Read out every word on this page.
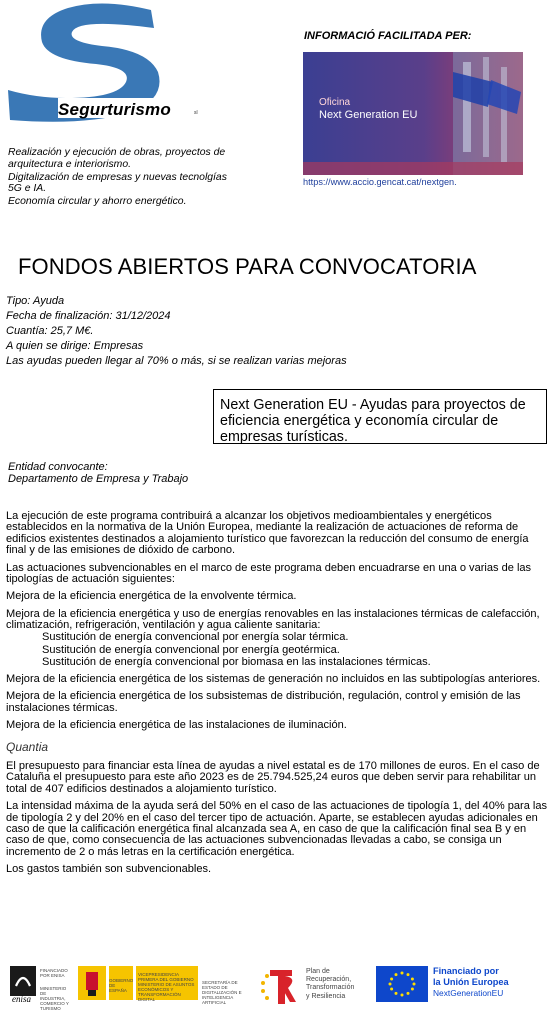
Segurturismo	sl
Realización y ejecución de obras, proyectos de arquitectura e interiorismo.
Digitalización de empresas y nuevas tecnolgías 5G e IA.
Economía circular y ahorro energético.
INFORMACIÓ FACILITADA PER:
Oficina
Next Generation EU
https://www.accio.gencat.cat/nextgen.
FONDOS ABIERTOS PARA CONVOCATORIA
Tipo: Ayuda
Fecha de finalización: 31/12/2024
Cuantía: 25,7 M€.
A quien se dirige: Empresas
Las ayudas pueden llegar al 70% o más, si se realizan varias mejoras
Next Generation EU - Ayudas para proyectos de eficiencia energética y economía circular de empresas turísticas.
Entidad convocante:
Departamento de Empresa y Trabajo

La ejecución de este programa contribuirá a alcanzar los objetivos medioambientales y energéticos establecidos en la normativa de la Unión Europea, mediante la realización de actuaciones de reforma de edificios existentes destinados a alojamiento turístico que favorezcan la reducción del consumo de energía final y de las emisiones de dióxido de carbono.

Las actuaciones subvencionables en el marco de este programa deben encuadrarse en una o varias de las tipologías de actuación siguientes:

Mejora de la eficiencia energética de la envolvente térmica.

Mejora de la eficiencia energética y uso de energías renovables en las instalaciones térmicas de calefacción, climatización, refrigeración, ventilación y agua caliente sanitaria:

Sustitución de energía convencional por energía solar térmica.
Sustitución de energía convencional por energía geotérmica.
Sustitución de energía convencional por biomasa en las instalaciones térmicas.

Mejora de la eficiencia energética de los sistemas de generación no incluidos en las subtipologías anteriores.

Mejora de la eficiencia energética de los subsistemas de distribución, regulación, control y emisión de las instalaciones térmicas.

Mejora de la eficiencia energética de las instalaciones de iluminación.

Quantia

El presupuesto para financiar esta línea de ayudas a nivel estatal es de 170 millones de euros. En el caso de Cataluña el presupuesto para este año 2023 es de 25.794.525,24 euros que deben servir para rehabilitar un total de 407 edificios destinados a alojamiento turístico.

La intensidad máxima de la ayuda será del 50% en el caso de las actuaciones de tipología 1, del 40% para las de tipología 2 y del 20% en el caso del tercer tipo de actuación. Aparte, se establecen ayudas adicionales en caso de que la calificación energética final alcanzada sea A, en caso de que la calificación final sea B y en caso de que, como consecuencia de las actuaciones subvencionadas llevadas a cabo, se consiga un incremento de 2 o más letras en la certificación energética.

Los gastos también son subvencionables.

FINANCIADO POR ENISA
enisa
MINISTERIO DE INDUSTRIA, COMERCIO Y TURISMO
GOBIERNO DE ESPAÑA
VICEPRESIDENCIA PRIMERA DEL GOBIERNO MINISTERIO DE ASUNTOS ECONÓMICOS Y TRANSFORMACIÓN DIGITAL
SECRETARÍA DE ESTADO DE DIGITALIZACIÓN E INTELIGENCIA ARTIFICIAL
Plan de
Recuperación,
Transformación
y Resiliencia
Financiado por
la Unión Europea
NextGenerationEU
